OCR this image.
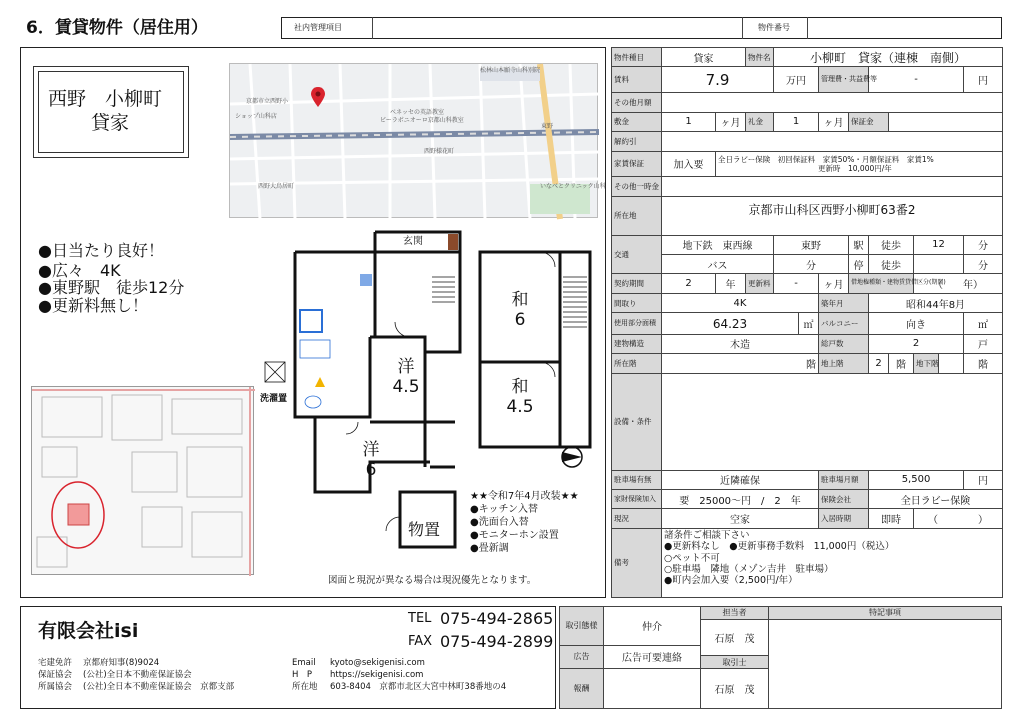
6．賃貸物件（居住用）	社内管理項目	物件番号
西野　小柳町
貸家
京都市立西野小
ショップ山科店
ベネッセの英語教室
ビーラボニオーロ京都山科教室
東野
西野大鳥居町
西野様花町
松林山本願寺山科別院
いなべとクリニック山科
●日当たり良好！
●広々　4K
●東野駅　徒歩12分
●更新料無し！
玄関
洗濯置
洋
4.5
洋
6
和
6
和
4.5
物置
★★令和7年4月改装★★
●キッチン入替
●洗面台入替
●モニターホン設置
●畳新調
図面と現況が異なる場合は現況優先となります。
物件種目	貸家		物件名	小柳町　貸家（連棟　南側）								
賃料	7.9			万円		管理費・共益費等		-				円
その他月額												
敷金	1	ヶ月	礼金	1		ヶ月	保証金					
解約引												
家賃保証	加入要	全日ラビー保険　 初回保証料　家賃50%・月額保証料　家賃1%
更新時　10,000円/年										

その他一時金												
所在地	京都市山科区西野小柳町63番2											
交通	地下鉄　東西線			東野			駅	徒歩		12		分
	バス			分			停	徒歩				分
契約期間	2	年	更新料	-		ヶ月	借地権種類・建物賃貸借区分(期間)			（　　年）		
間取り	4K					築年月		昭和44年8月				
使用部分面積	64.23				㎡	バルコニー		向き				㎡
建物構造	木造					総戸数		2				戸
所在階	階					地上階		2	階	地下階		階
設備・条件												
駐車場有無	近隣確保					駐車場月額		5,500				円
家財保険加入	要　25000～円　/　2　年					保険会社		全日ラビー保険				
現況	空家					入居時期		即時		（　　　　）		
備考	諸条件ご相談下さい
●更新料なし　●更新事務手数料　11,000円（税込）
○ペット不可
○駐車場　隣地（メゾン吉井　駐車場）
●町内会加入要（2,500円/年）											
有限会社isi
TEL 075-494-2865
FAX 075-494-2899
宅建免許 京都府知事(8)9024
保証協会 (公社)全日本不動産保証協会
所属協会 (公社)全日本不動産保証協会　京都支部
Email kyoto@sekigenisi.com
H　P https://sekigenisi.com
所在地 603-8404　京都市北区大宮中林町38番地の4
取引態様	仲介	担当者	特記事項
		石原　茂	
広告	広告可要連絡		
		取引士	
報酬		石原　茂	
